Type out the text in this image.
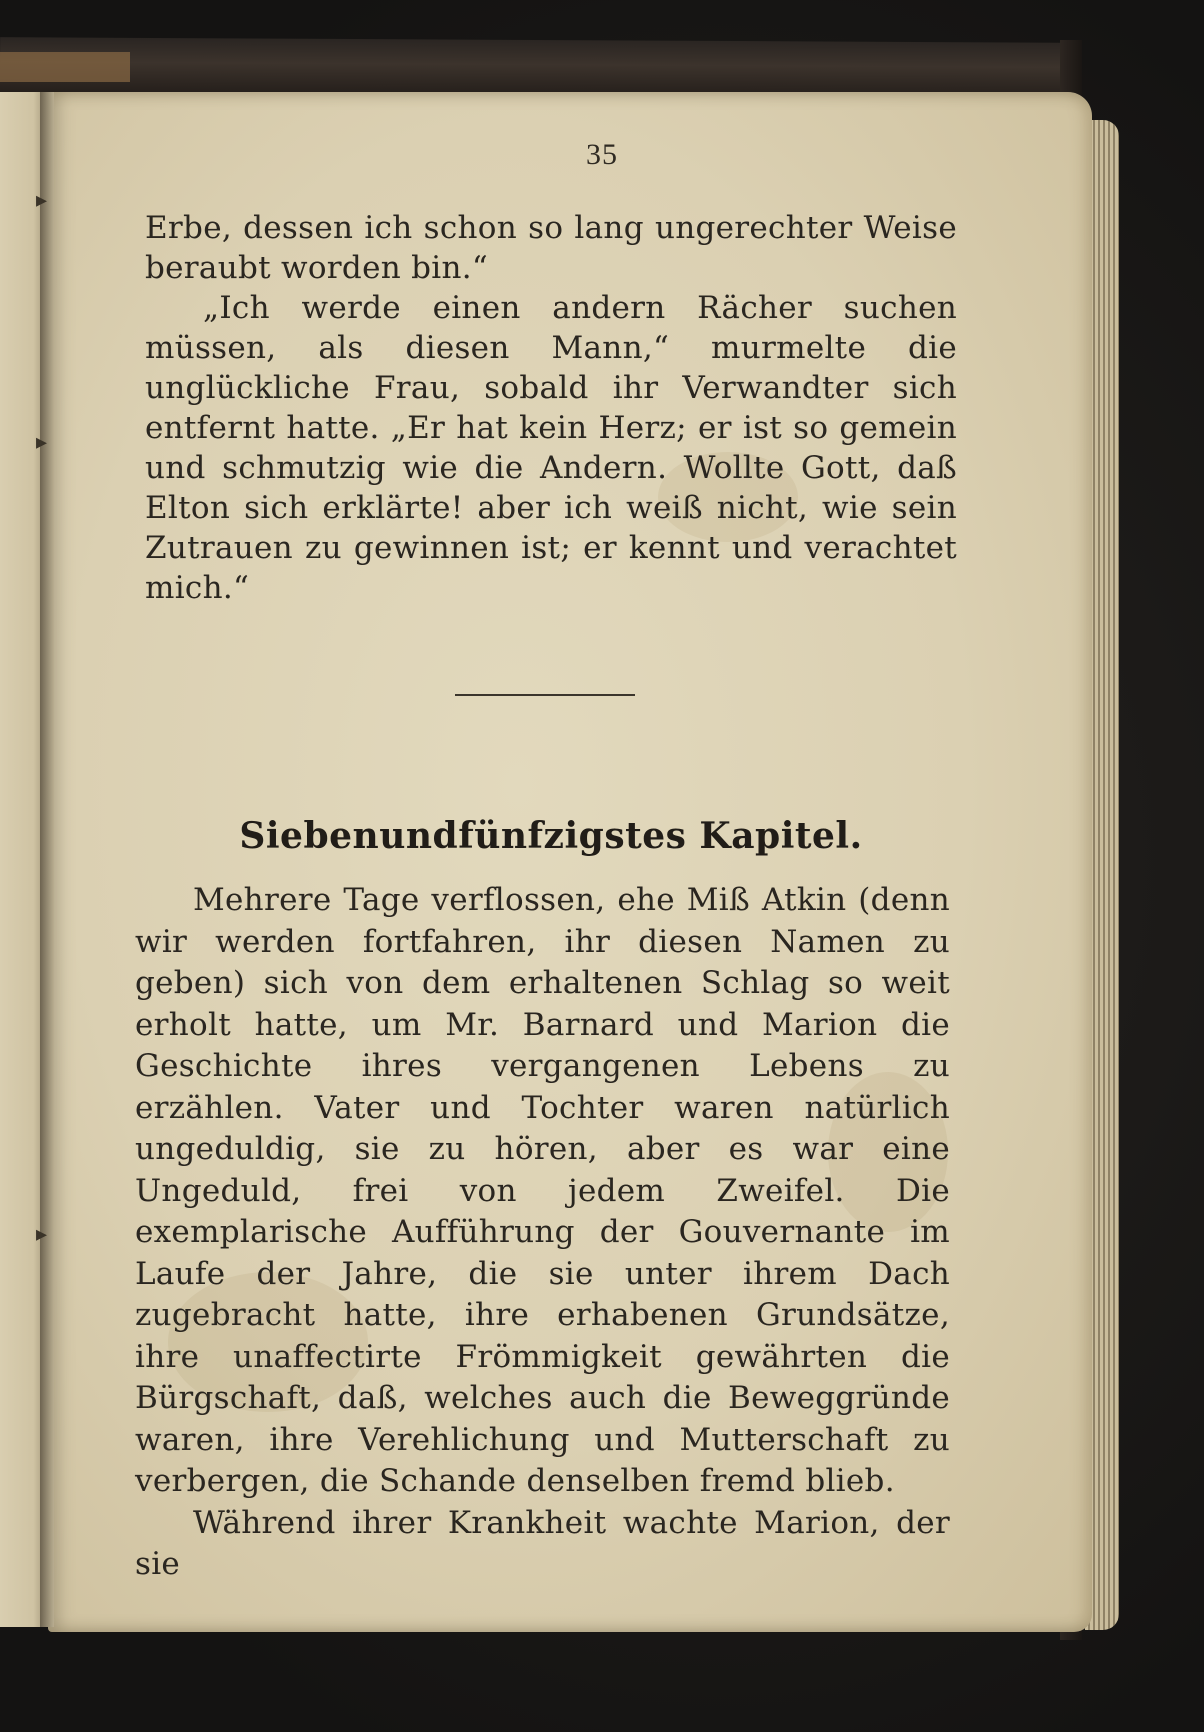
▸
▸
▸
35

Erbe, dessen ich schon so lang ungerechter Weise beraubt worden bin.“

„Ich werde einen andern Rächer suchen müssen, als diesen Mann,“ murmelte die unglückliche Frau, sobald ihr Verwandter sich entfernt hatte. „Er hat kein Herz; er ist so gemein und schmutzig wie die Andern. Wollte Gott, daß Elton sich erklärte! aber ich weiß nicht, wie sein Zutrauen zu gewinnen ist; er kennt und verachtet mich.“

Siebenundfünfzigstes Kapitel.

Mehrere Tage verflossen, ehe Miß Atkin (denn wir werden fortfahren, ihr diesen Namen zu geben) sich von dem erhaltenen Schlag so weit erholt hatte, um Mr. Barnard und Marion die Geschichte ihres vergangenen Lebens zu erzählen. Vater und Tochter waren natürlich ungeduldig, sie zu hören, aber es war eine Ungeduld, frei von jedem Zweifel. Die exemplarische Aufführung der Gouvernante im Laufe der Jahre, die sie unter ihrem Dach zugebracht hatte, ihre erhabenen Grundsätze, ihre unaffectirte Frömmigkeit gewährten die Bürgschaft, daß, welches auch die Beweggründe waren, ihre Verehlichung und Mutterschaft zu verbergen, die Schande denselben fremd blieb.

Während ihrer Krankheit wachte Marion, der sie
